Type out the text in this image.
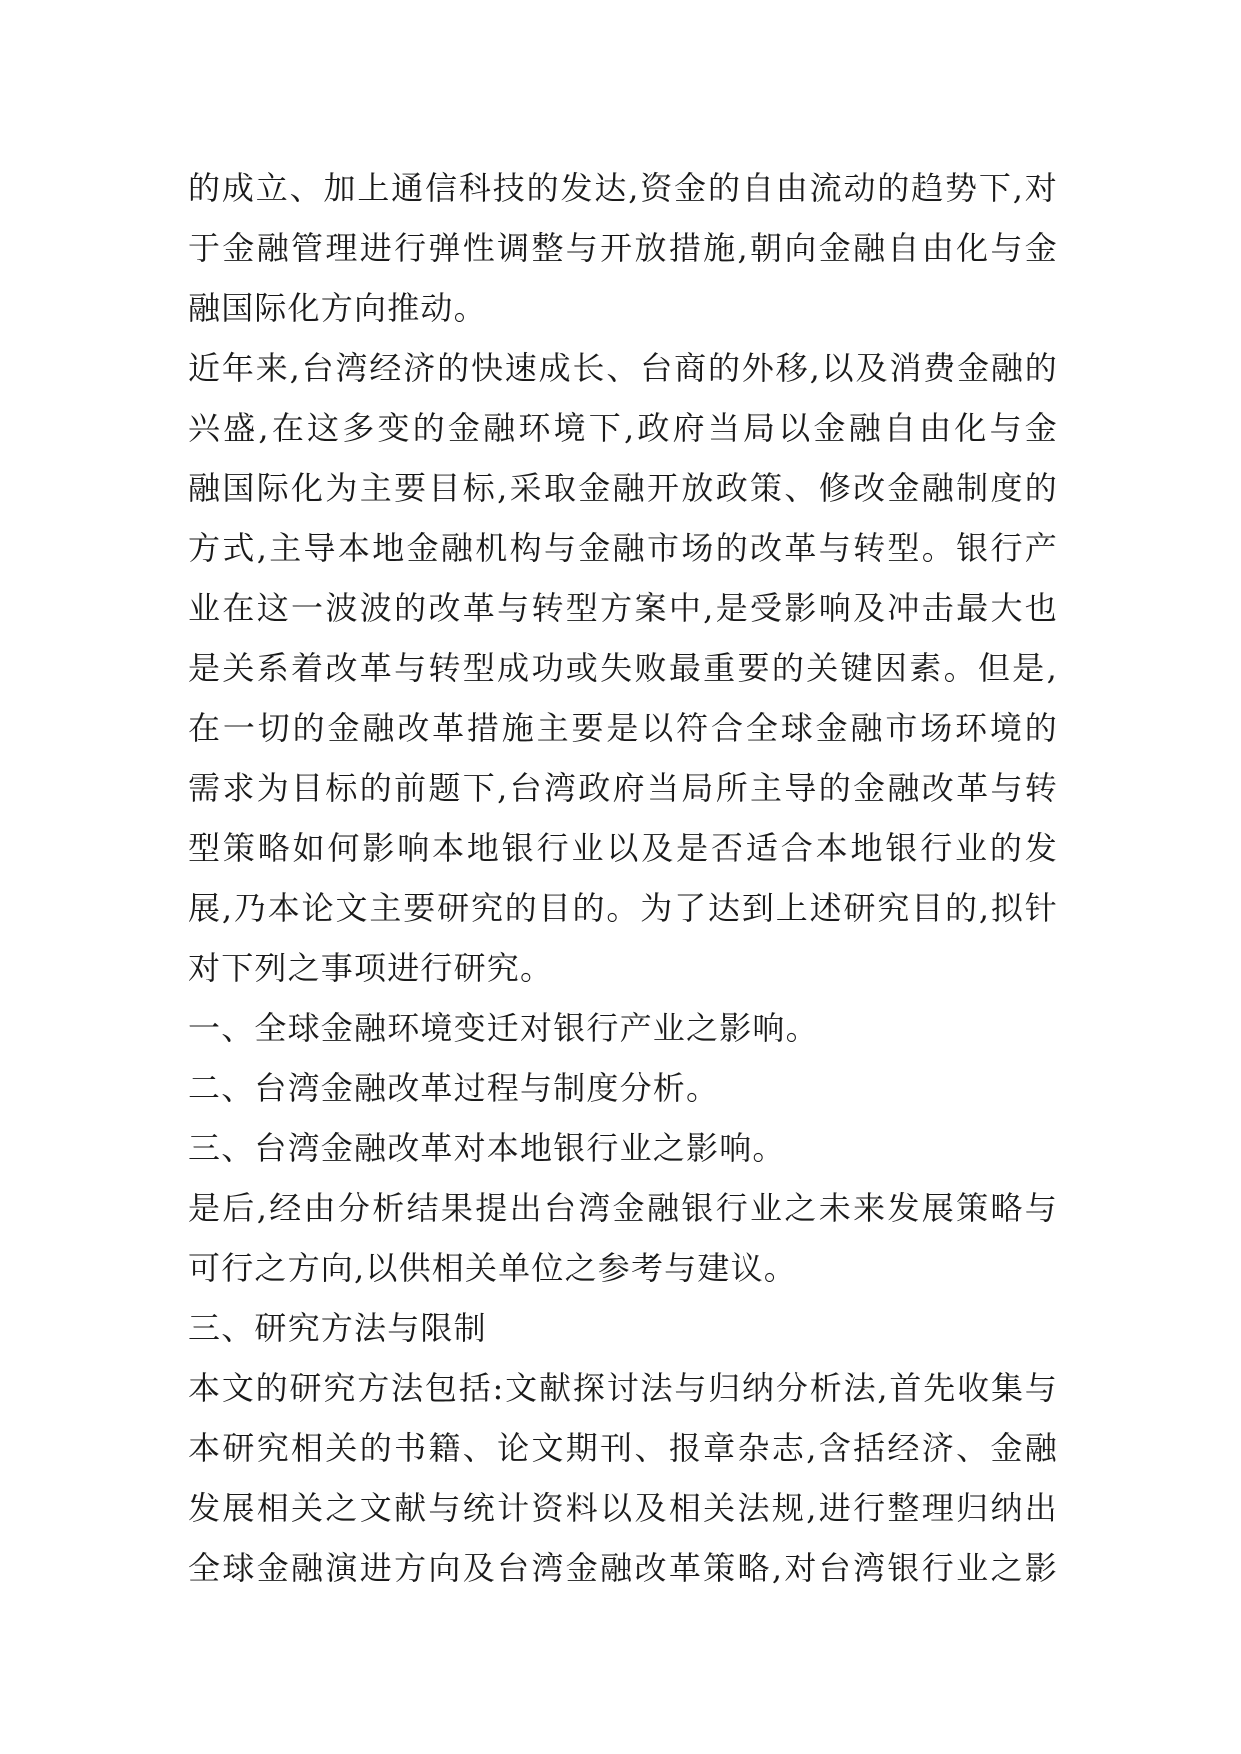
的成立、加上通信科技的发达,资金的自由流动的趋势下,对
于金融管理进行弹性调整与开放措施,朝向金融自由化与金
融国际化方向推动。
近年来,台湾经济的快速成长、台商的外移,以及消费金融的
兴盛,在这多变的金融环境下,政府当局以金融自由化与金
融国际化为主要目标,采取金融开放政策、修改金融制度的
方式,主导本地金融机构与金融市场的改革与转型。银行产
业在这一波波的改革与转型方案中,是受影响及冲击最大也
是关系着改革与转型成功或失败最重要的关键因素。但是,
在一切的金融改革措施主要是以符合全球金融市场环境的
需求为目标的前题下,台湾政府当局所主导的金融改革与转
型策略如何影响本地银行业以及是否适合本地银行业的发
展,乃本论文主要研究的目的。为了达到上述研究目的,拟针
对下列之事项进行研究。
一、全球金融环境变迁对银行产业之影响。
二、台湾金融改革过程与制度分析。
三、台湾金融改革对本地银行业之影响。
是后,经由分析结果提出台湾金融银行业之未来发展策略与
可行之方向,以供相关单位之参考与建议。
三、研究方法与限制
本文的研究方法包括:文献探讨法与归纳分析法,首先收集与
本研究相关的书籍、论文期刊、报章杂志,含括经济、金融
发展相关之文献与统计资料以及相关法规,进行整理归纳出
全球金融演进方向及台湾金融改革策略,对台湾银行业之影
